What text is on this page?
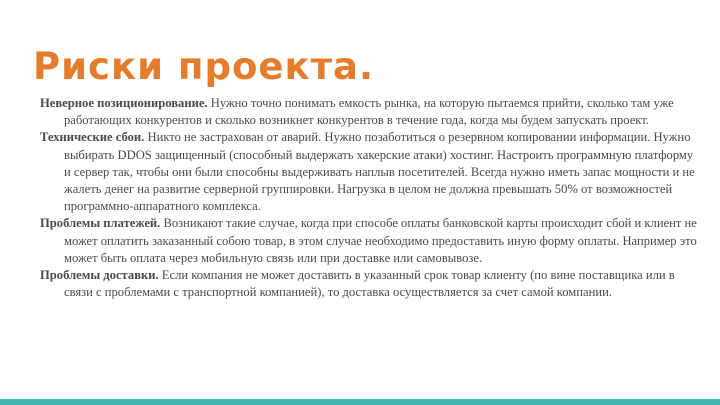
Риски проекта.

Неверное позиционирование. Нужно точно понимать емкость рынка, на которую пытаемся прийти, сколько там уже работающих конкурентов и сколько возникнет конкурентов в течение года, когда мы будем запускать проект.

Технические сбои. Никто не застрахован от аварий. Нужно позаботиться о резервном копировании информации. Нужно выбирать DDOS защищенный (способный выдержать хакерские атаки) хостинг. Настроить программную платформу и сервер так, чтобы они были способны выдерживать наплыв посетителей. Всегда нужно иметь запас мощности и не жалеть денег на развитие серверной группировки. Нагрузка в целом не должна превышать 50% от возможностей программно-аппаратного комплекса.

Проблемы платежей. Возникают такие случае, когда при способе оплаты банковской карты происходит сбой и клиент не может оплатить заказанный собою товар, в этом случае необходимо предоставить иную форму оплаты. Например это может быть оплата через мобильную связь или при доставке или самовывозе.

Проблемы доставки. Если компания не может доставить в указанный срок товар клиенту (по вине поставщика или в связи с проблемами с транспортной компанией), то доставка осуществляется за счет самой компании.
